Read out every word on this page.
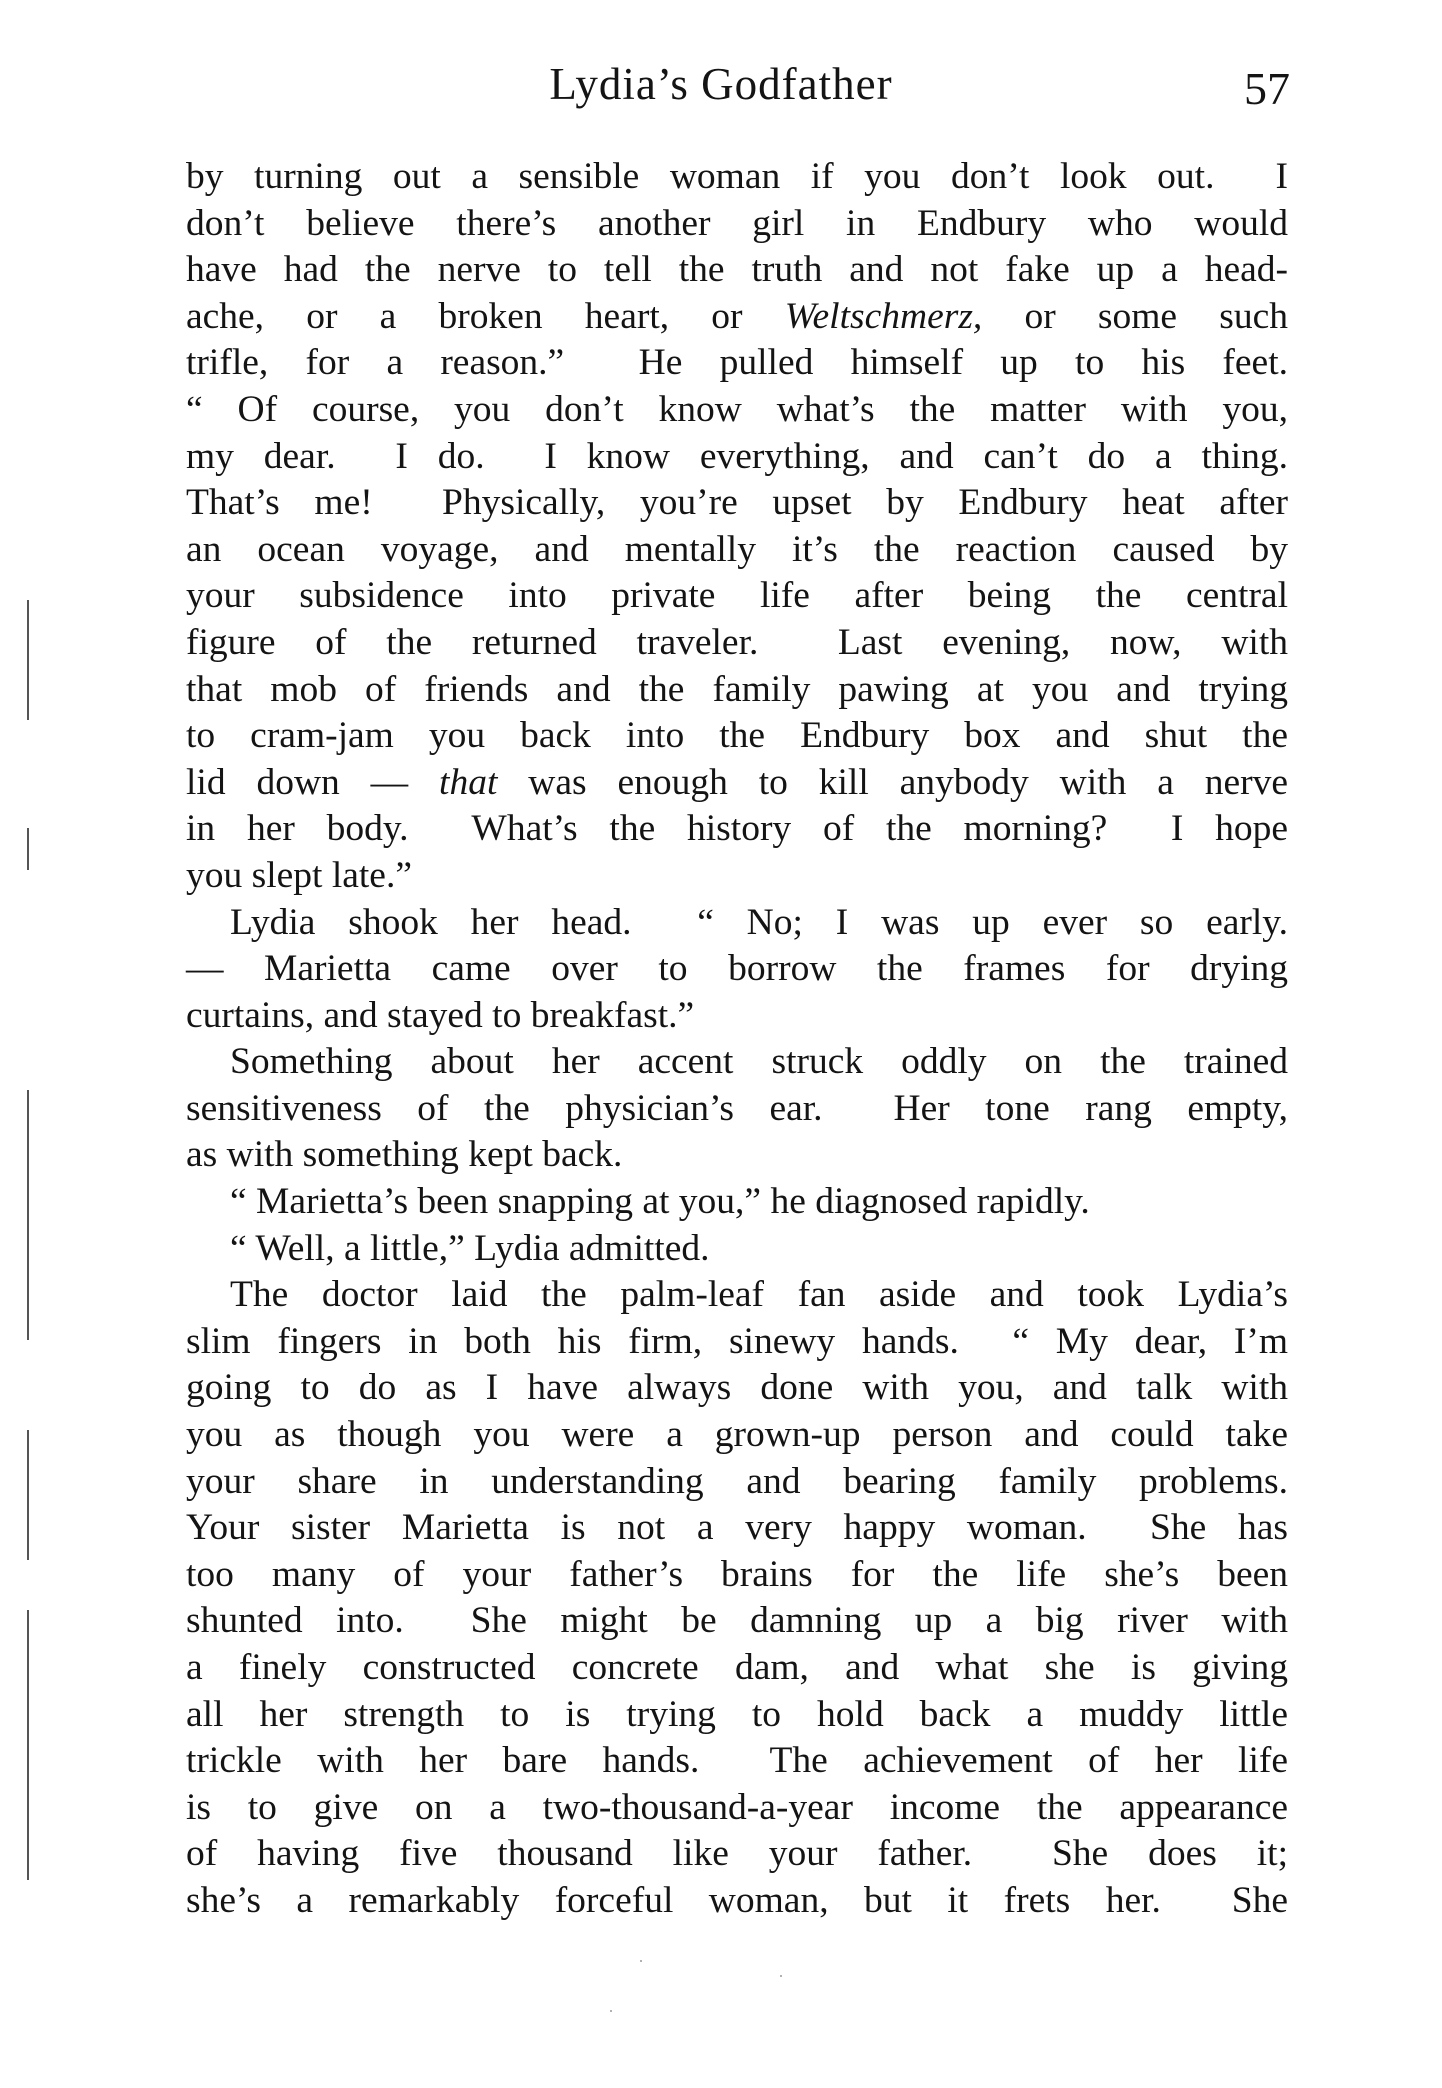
Lydia’s Godfather	57
by turning out a sensible woman if you don’t look out.  I
don’t believe there’s another girl in Endbury who would
have had the nerve to tell the truth and not fake up a head-
ache, or a broken heart, or Weltschmerz, or some such
trifle, for a reason.”  He pulled himself up to his feet.
“ Of course, you don’t know what’s the matter with you,
my dear.  I do.  I know everything, and can’t do a thing.
That’s me!  Physically, you’re upset by Endbury heat after
an ocean voyage, and mentally it’s the reaction caused by
your subsidence into private life after being the central
figure of the returned traveler.  Last evening, now, with
that mob of friends and the family pawing at you and trying
to cram-jam you back into the Endbury box and shut the
lid down — that was enough to kill anybody with a nerve
in her body.  What’s the history of the morning?  I hope
you slept late.”
Lydia shook her head.  “ No; I was up ever so early.
— Marietta came over to borrow the frames for drying
curtains, and stayed to breakfast.”
Something about her accent struck oddly on the trained
sensitiveness of the physician’s ear.  Her tone rang empty,
as with something kept back.
“ Marietta’s been snapping at you,” he diagnosed rapidly.
“ Well, a little,” Lydia admitted.
The doctor laid the palm-leaf fan aside and took Lydia’s
slim fingers in both his firm, sinewy hands.  “ My dear, I’m
going to do as I have always done with you, and talk with
you as though you were a grown-up person and could take
your share in understanding and bearing family problems.
Your sister Marietta is not a very happy woman.  She has
too many of your father’s brains for the life she’s been
shunted into.  She might be damning up a big river with
a finely constructed concrete dam, and what she is giving
all her strength to is trying to hold back a muddy little
trickle with her bare hands.  The achievement of her life
is to give on a two-thousand-a-year income the appearance
of having five thousand like your father.  She does it;
she’s a remarkably forceful woman, but it frets her.  She
